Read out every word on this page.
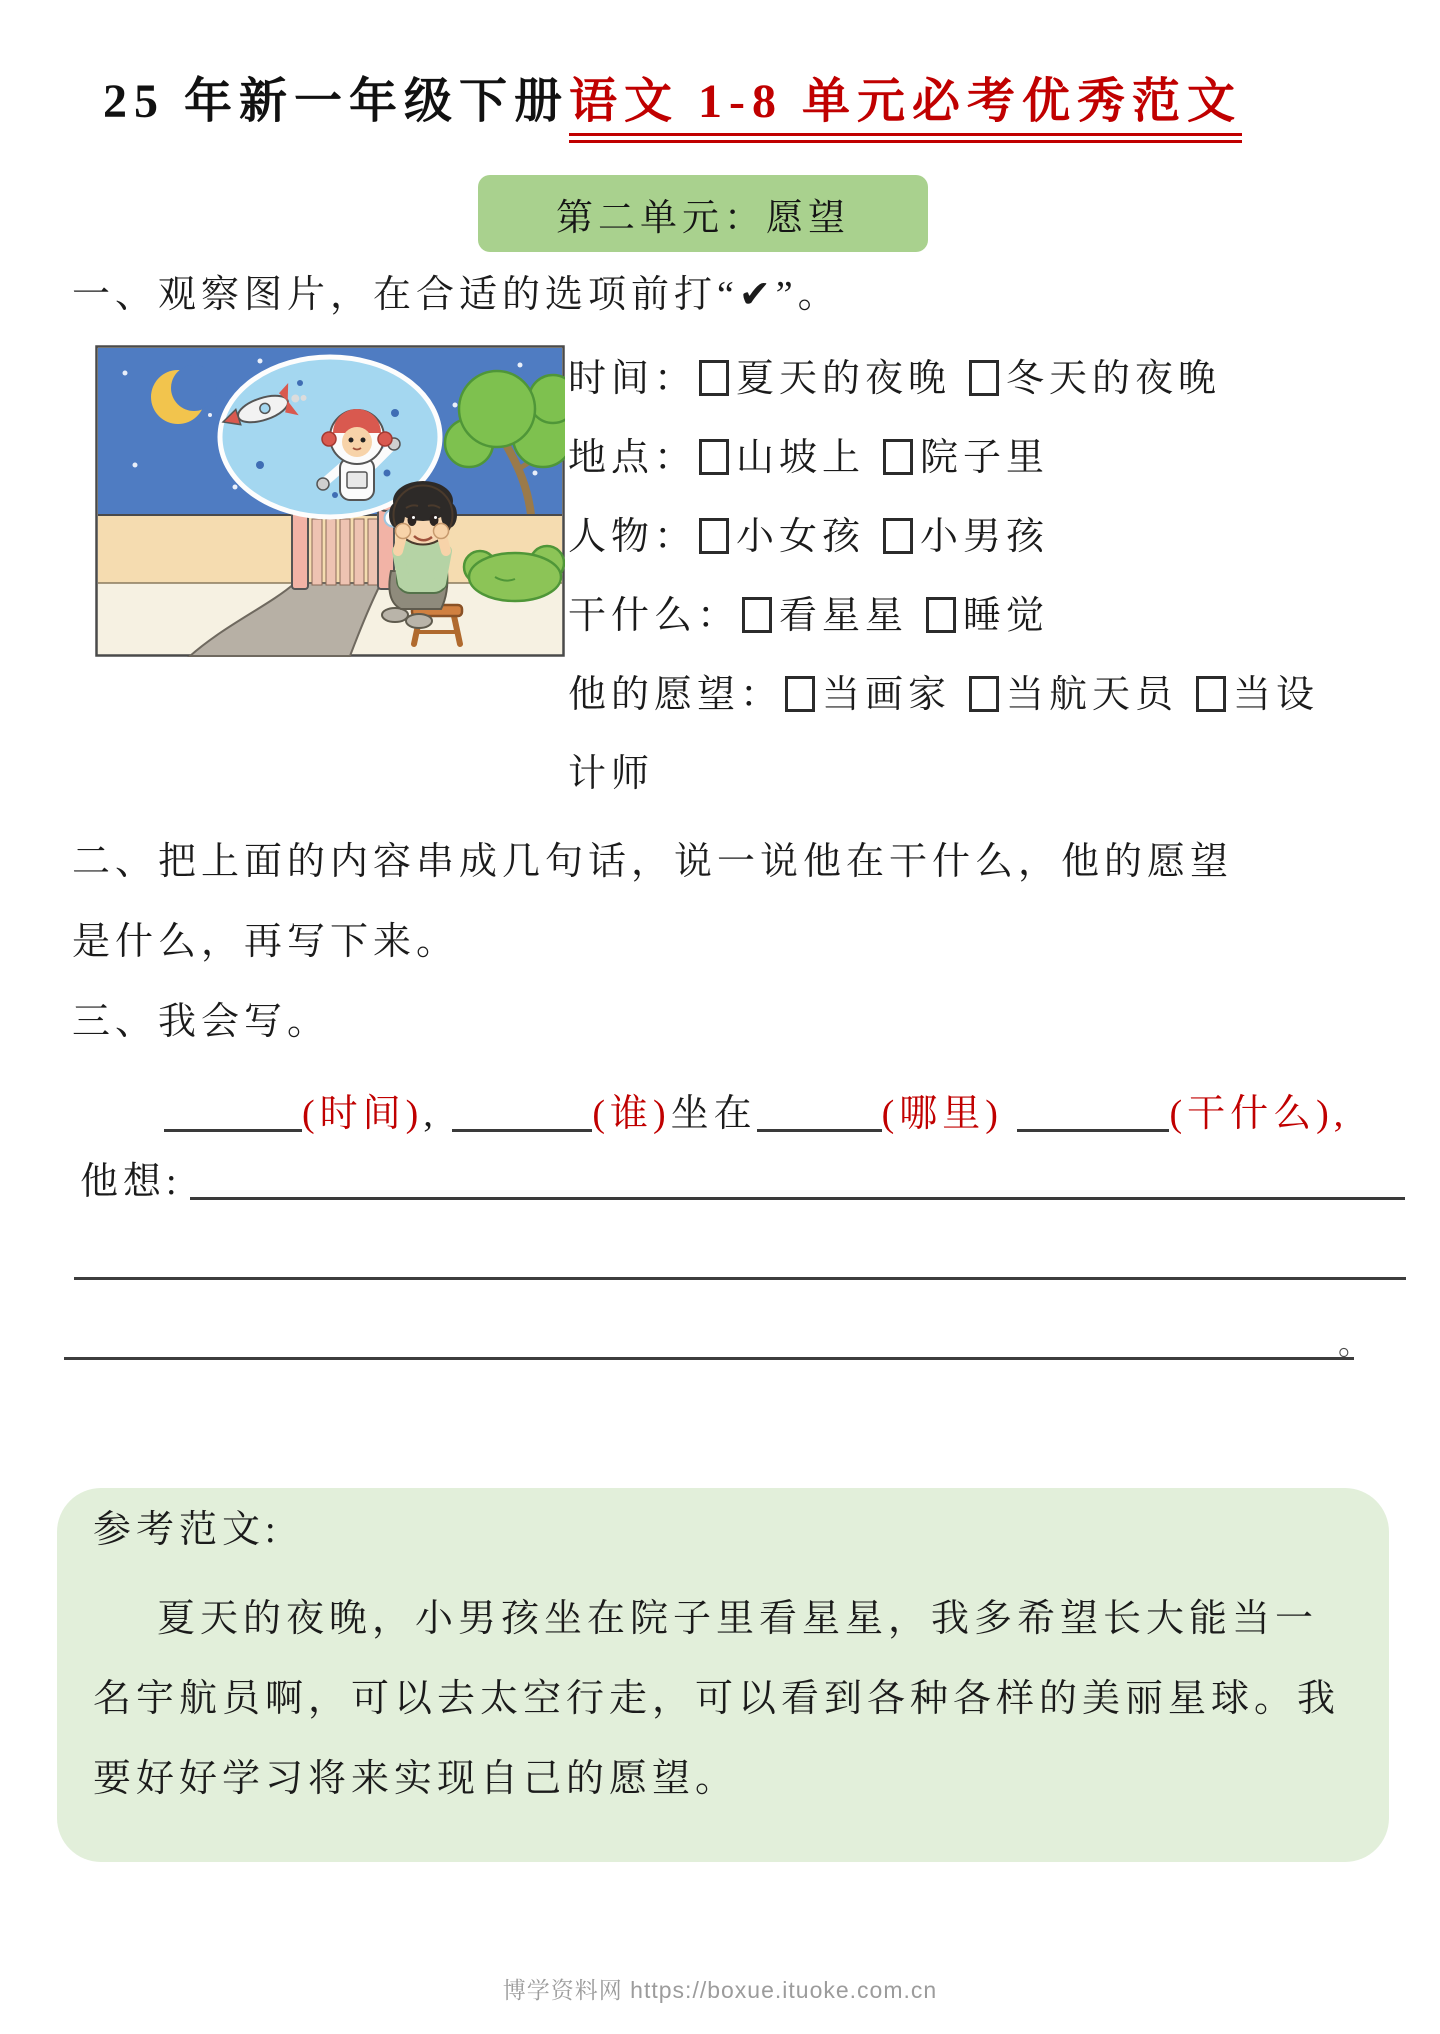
25 年新一年级下册语文 1-8 单元必考优秀范文
第二单元：愿望
一、观察图片，在合适的选项前打“✔”。
时间： 夏天的夜晚 冬天的夜晚
地点： 山坡上 院子里
人物： 小女孩 小男孩
干什么： 看星星 睡觉
他的愿望： 当画家 当航天员 当设
计师
二、把上面的内容串成几句话，说一说他在干什么，他的愿望
是什么，再写下来。
三、我会写。
(时间),	(谁)坐在	(哪里)	(干什么),
他想:
。
参考范文:
夏天的夜晚，小男孩坐在院子里看星星，我多希望长大能当一
名宇航员啊，可以去太空行走，可以看到各种各样的美丽星球。我
要好好学习将来实现自己的愿望。
博学资料网 https://boxue.ituoke.com.cn
